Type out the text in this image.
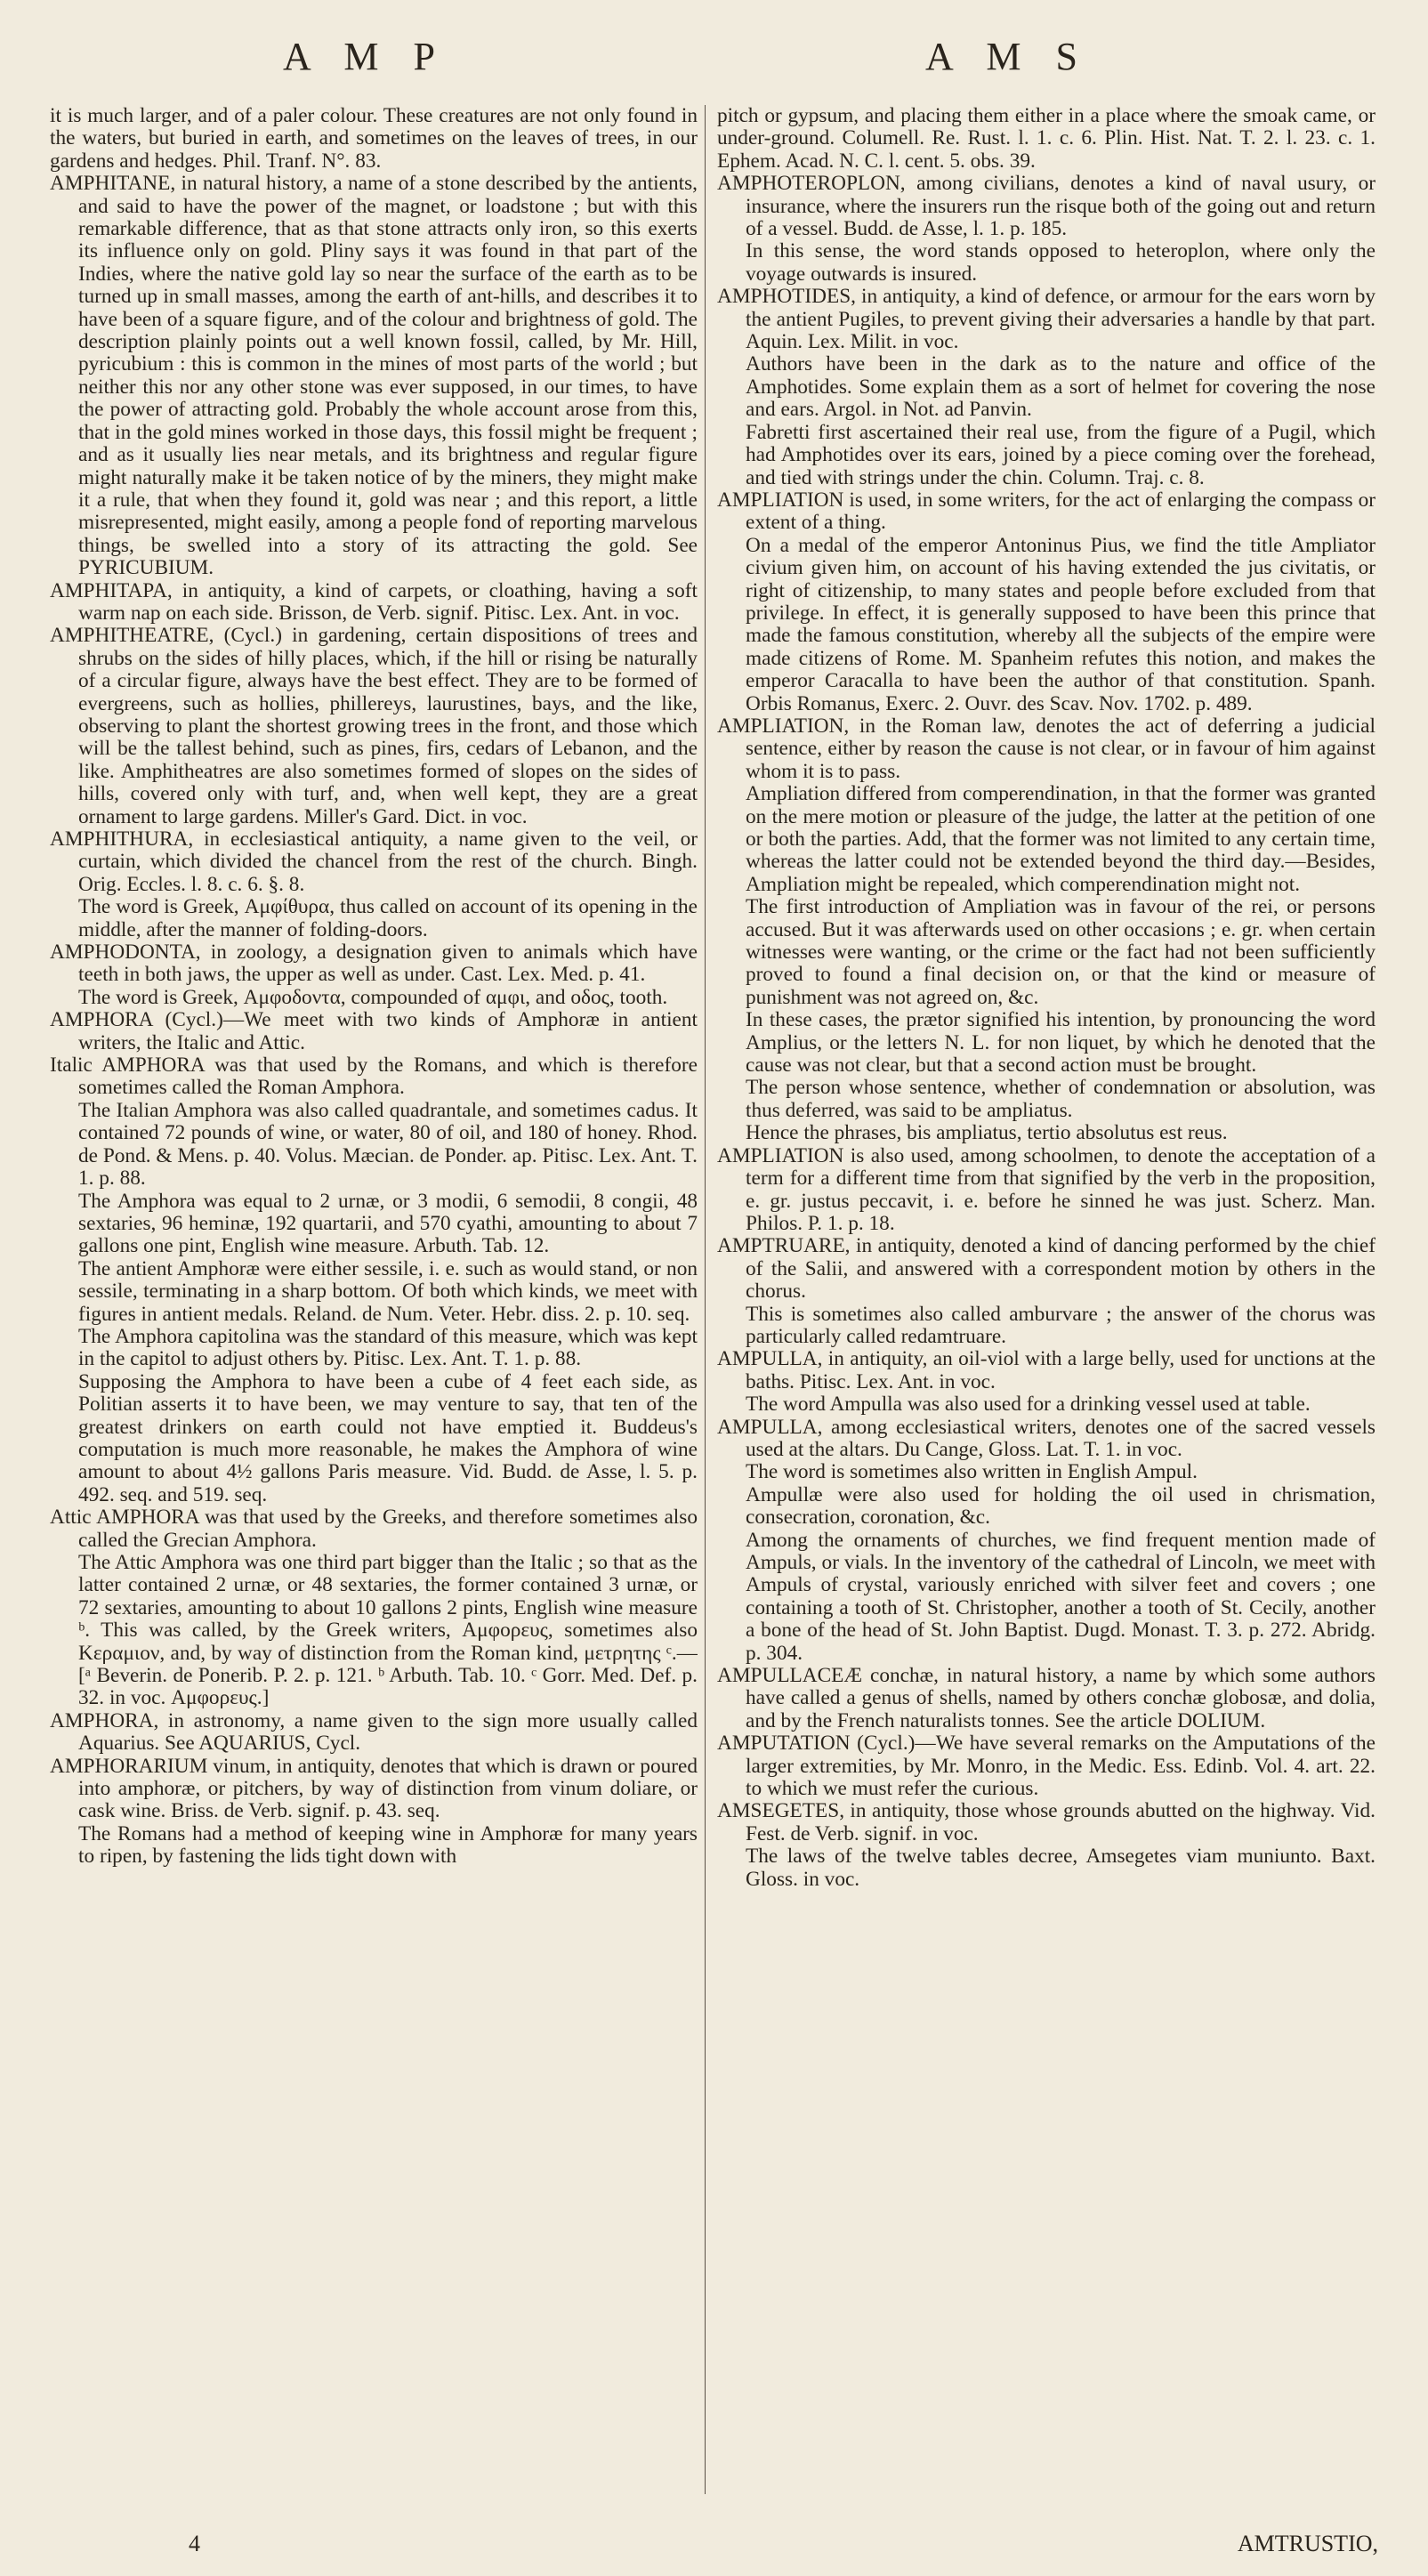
A M P	A M S

it is much larger, and of a paler colour. These creatures are not only found in the waters, but buried in earth, and sometimes on the leaves of trees, in our gardens and hedges. Phil. Tranf. N°. 83.

AMPHITANE, in natural history, a name of a stone described by the antients, and said to have the power of the magnet, or loadstone ; but with this remarkable difference, that as that stone attracts only iron, so this exerts its influence only on gold. Pliny says it was found in that part of the Indies, where the native gold lay so near the surface of the earth as to be turned up in small masses, among the earth of ant-hills, and describes it to have been of a square figure, and of the colour and brightness of gold. The description plainly points out a well known fossil, called, by Mr. Hill, pyricubium : this is common in the mines of most parts of the world ; but neither this nor any other stone was ever supposed, in our times, to have the power of attracting gold. Probably the whole account arose from this, that in the gold mines worked in those days, this fossil might be frequent ; and as it usually lies near metals, and its brightness and regular figure might naturally make it be taken notice of by the miners, they might make it a rule, that when they found it, gold was near ; and this report, a little misrepresented, might easily, among a people fond of reporting marvelous things, be swelled into a story of its attracting the gold. See PYRICUBIUM.

AMPHITAPA, in antiquity, a kind of carpets, or cloathing, having a soft warm nap on each side. Brisson, de Verb. signif. Pitisc. Lex. Ant. in voc.

AMPHITHEATRE, (Cycl.) in gardening, certain dispositions of trees and shrubs on the sides of hilly places, which, if the hill or rising be naturally of a circular figure, always have the best effect. They are to be formed of evergreens, such as hollies, phillereys, laurustines, bays, and the like, observing to plant the shortest growing trees in the front, and those which will be the tallest behind, such as pines, firs, cedars of Lebanon, and the like. Amphitheatres are also sometimes formed of slopes on the sides of hills, covered only with turf, and, when well kept, they are a great ornament to large gardens. Miller's Gard. Dict. in voc.

AMPHITHURA, in ecclesiastical antiquity, a name given to the veil, or curtain, which divided the chancel from the rest of the church. Bingh. Orig. Eccles. l. 8. c. 6. §. 8.

The word is Greek, Αμφίθυρα, thus called on account of its opening in the middle, after the manner of folding-doors.

AMPHODONTA, in zoology, a designation given to animals which have teeth in both jaws, the upper as well as under. Cast. Lex. Med. p. 41.

The word is Greek, Αμφοδοντα, compounded of αμφι, and οδος, tooth.

AMPHORA (Cycl.)—We meet with two kinds of Amphoræ in antient writers, the Italic and Attic.

Italic AMPHORA was that used by the Romans, and which is therefore sometimes called the Roman Amphora.

The Italian Amphora was also called quadrantale, and sometimes cadus. It contained 72 pounds of wine, or water, 80 of oil, and 180 of honey. Rhod. de Pond. & Mens. p. 40. Volus. Mæcian. de Ponder. ap. Pitisc. Lex. Ant. T. 1. p. 88.

The Amphora was equal to 2 urnæ, or 3 modii, 6 semodii, 8 congii, 48 sextaries, 96 heminæ, 192 quartarii, and 570 cyathi, amounting to about 7 gallons one pint, English wine measure. Arbuth. Tab. 12.

The antient Amphoræ were either sessile, i. e. such as would stand, or non sessile, terminating in a sharp bottom. Of both which kinds, we meet with figures in antient medals. Reland. de Num. Veter. Hebr. diss. 2. p. 10. seq.

The Amphora capitolina was the standard of this measure, which was kept in the capitol to adjust others by. Pitisc. Lex. Ant. T. 1. p. 88.

Supposing the Amphora to have been a cube of 4 feet each side, as Politian asserts it to have been, we may venture to say, that ten of the greatest drinkers on earth could not have emptied it. Buddeus's computation is much more reasonable, he makes the Amphora of wine amount to about 4½ gallons Paris measure. Vid. Budd. de Asse, l. 5. p. 492. seq. and 519. seq.

Attic AMPHORA was that used by the Greeks, and therefore sometimes also called the Grecian Amphora.

The Attic Amphora was one third part bigger than the Italic ; so that as the latter contained 2 urnæ, or 48 sextaries, the former contained 3 urnæ, or 72 sextaries, amounting to about 10 gallons 2 pints, English wine measure ᵇ. This was called, by the Greek writers, Αμφορευς, sometimes also Κεραμιον, and, by way of distinction from the Roman kind, μετρητης ᶜ.—[ᵃ Beverin. de Ponerib. P. 2. p. 121. ᵇ Arbuth. Tab. 10. ᶜ Gorr. Med. Def. p. 32. in voc. Αμφορευς.]

AMPHORA, in astronomy, a name given to the sign more usually called Aquarius. See AQUARIUS, Cycl.

AMPHORARIUM vinum, in antiquity, denotes that which is drawn or poured into amphoræ, or pitchers, by way of distinction from vinum doliare, or cask wine. Briss. de Verb. signif. p. 43. seq.

The Romans had a method of keeping wine in Amphoræ for many years to ripen, by fastening the lids tight down with

pitch or gypsum, and placing them either in a place where the smoak came, or under-ground. Columell. Re. Rust. l. 1. c. 6. Plin. Hist. Nat. T. 2. l. 23. c. 1. Ephem. Acad. N. C. l. cent. 5. obs. 39.

AMPHOTEROPLON, among civilians, denotes a kind of naval usury, or insurance, where the insurers run the risque both of the going out and return of a vessel. Budd. de Asse, l. 1. p. 185.

In this sense, the word stands opposed to heteroplon, where only the voyage outwards is insured.

AMPHOTIDES, in antiquity, a kind of defence, or armour for the ears worn by the antient Pugiles, to prevent giving their adversaries a handle by that part. Aquin. Lex. Milit. in voc.

Authors have been in the dark as to the nature and office of the Amphotides. Some explain them as a sort of helmet for covering the nose and ears. Argol. in Not. ad Panvin.

Fabretti first ascertained their real use, from the figure of a Pugil, which had Amphotides over its ears, joined by a piece coming over the forehead, and tied with strings under the chin. Column. Traj. c. 8.

AMPLIATION is used, in some writers, for the act of enlarging the compass or extent of a thing.

On a medal of the emperor Antoninus Pius, we find the title Ampliator civium given him, on account of his having extended the jus civitatis, or right of citizenship, to many states and people before excluded from that privilege. In effect, it is generally supposed to have been this prince that made the famous constitution, whereby all the subjects of the empire were made citizens of Rome. M. Spanheim refutes this notion, and makes the emperor Caracalla to have been the author of that constitution. Spanh. Orbis Romanus, Exerc. 2. Ouvr. des Scav. Nov. 1702. p. 489.

AMPLIATION, in the Roman law, denotes the act of deferring a judicial sentence, either by reason the cause is not clear, or in favour of him against whom it is to pass.

Ampliation differed from comperendination, in that the former was granted on the mere motion or pleasure of the judge, the latter at the petition of one or both the parties. Add, that the former was not limited to any certain time, whereas the latter could not be extended beyond the third day.—Besides, Ampliation might be repealed, which comperendination might not.

The first introduction of Ampliation was in favour of the rei, or persons accused. But it was afterwards used on other occasions ; e. gr. when certain witnesses were wanting, or the crime or the fact had not been sufficiently proved to found a final decision on, or that the kind or measure of punishment was not agreed on, &c.

In these cases, the prætor signified his intention, by pronouncing the word Amplius, or the letters N. L. for non liquet, by which he denoted that the cause was not clear, but that a second action must be brought.

The person whose sentence, whether of condemnation or absolution, was thus deferred, was said to be ampliatus.

Hence the phrases, bis ampliatus, tertio absolutus est reus.

AMPLIATION is also used, among schoolmen, to denote the acceptation of a term for a different time from that signified by the verb in the proposition, e. gr. justus peccavit, i. e. before he sinned he was just. Scherz. Man. Philos. P. 1. p. 18.

AMPTRUARE, in antiquity, denoted a kind of dancing performed by the chief of the Salii, and answered with a correspondent motion by others in the chorus.

This is sometimes also called amburvare ; the answer of the chorus was particularly called redamtruare.

AMPULLA, in antiquity, an oil-viol with a large belly, used for unctions at the baths. Pitisc. Lex. Ant. in voc.

The word Ampulla was also used for a drinking vessel used at table.

AMPULLA, among ecclesiastical writers, denotes one of the sacred vessels used at the altars. Du Cange, Gloss. Lat. T. 1. in voc.

The word is sometimes also written in English Ampul.

Ampullæ were also used for holding the oil used in chrismation, consecration, coronation, &c.

Among the ornaments of churches, we find frequent mention made of Ampuls, or vials. In the inventory of the cathedral of Lincoln, we meet with Ampuls of crystal, variously enriched with silver feet and covers ; one containing a tooth of St. Christopher, another a tooth of St. Cecily, another a bone of the head of St. John Baptist. Dugd. Monast. T. 3. p. 272. Abridg. p. 304.

AMPULLACEÆ conchæ, in natural history, a name by which some authors have called a genus of shells, named by others conchæ globosæ, and dolia, and by the French naturalists tonnes. See the article DOLIUM.

AMPUTATION (Cycl.)—We have several remarks on the Amputations of the larger extremities, by Mr. Monro, in the Medic. Ess. Edinb. Vol. 4. art. 22. to which we must refer the curious.

AMSEGETES, in antiquity, those whose grounds abutted on the highway. Vid. Fest. de Verb. signif. in voc.

The laws of the twelve tables decree, Amsegetes viam muniunto. Baxt. Gloss. in voc.

4	AMTRUSTIO,
